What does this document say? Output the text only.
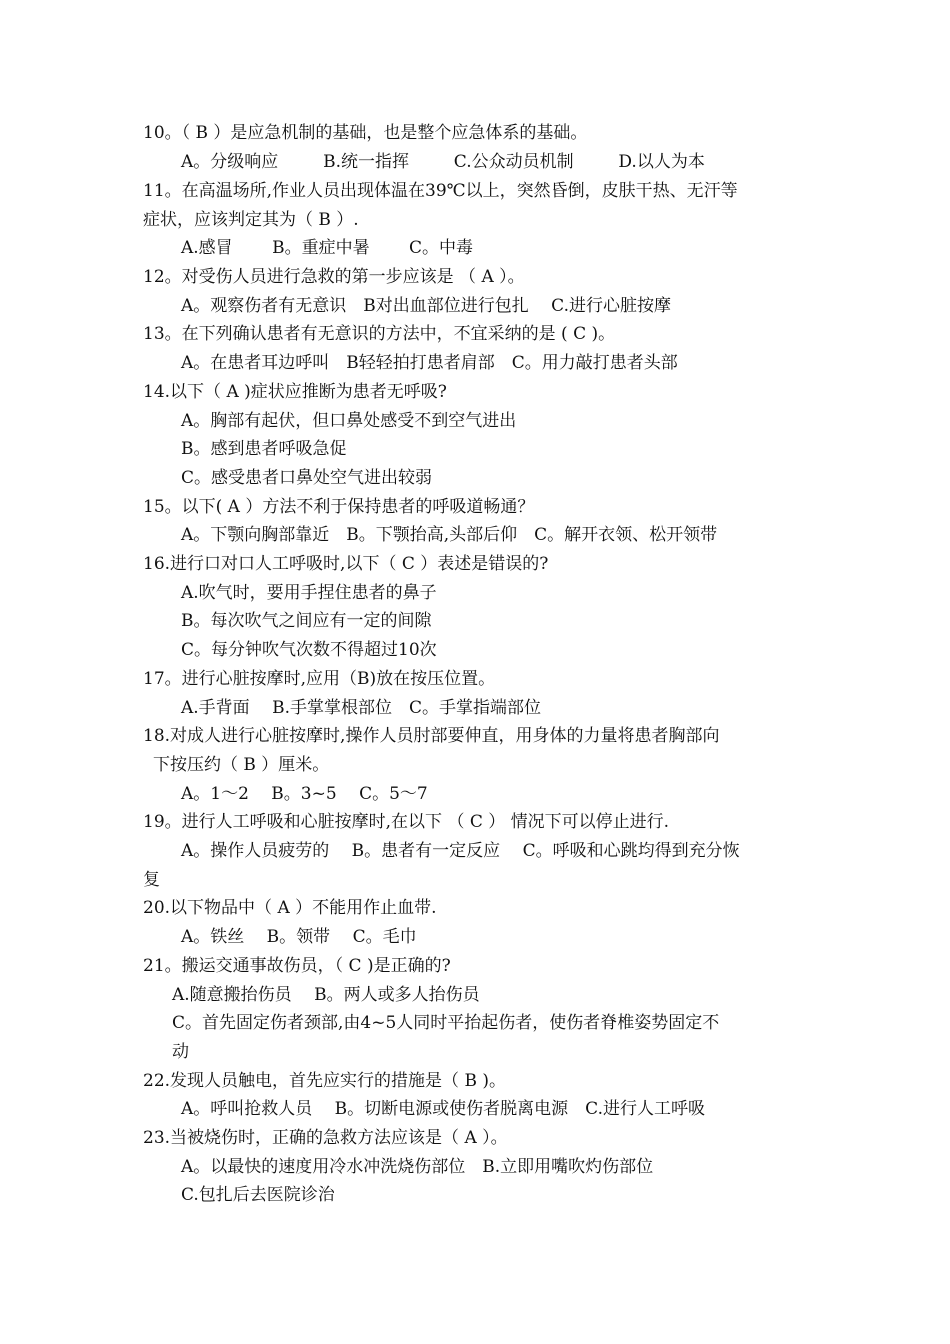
10。（ B ）是应急机制的基础，也是整个应急体系的基础。
A。分级响应　　  B.统一指挥　　  C.公众动员机制　　  D.以人为本
11。在高温场所,作业人员出现体温在39℃以上，突然昏倒，皮肤干热、无汗等
症状，应该判定其为（ B ）.
A.感冒　　 B。重症中暑　　 C。中毒
12。对受伤人员进行急救的第一步应该是 （ A ）。
A。观察伤者有无意识　B对出血部位进行包扎　 C.进行心脏按摩
13。在下列确认患者有无意识的方法中，不宜采纳的是 ( C )。
A。在患者耳边呼叫　B轻轻拍打患者肩部　C。用力敲打患者头部
14.以下（ A )症状应推断为患者无呼吸?
A。胸部有起伏，但口鼻处感受不到空气进出
B。感到患者呼吸急促
C。感受患者口鼻处空气进出较弱
15。以下( A ）方法不利于保持患者的呼吸道畅通？
A。下颚向胸部靠近　B。下颚抬高,头部后仰　C。解开衣领、松开领带
16.进行口对口人工呼吸时,以下（ C ）表述是错误的?
A.吹气时，要用手捏住患者的鼻子
B。每次吹气之间应有一定的间隙
C。每分钟吹气次数不得超过10次
17。进行心脏按摩时,应用（B)放在按压位置。
A.手背面　 B.手掌掌根部位　C。手掌指端部位
18.对成人进行心脏按摩时,操作人员肘部要伸直，用身体的力量将患者胸部向
下按压约（ B ）厘米。
A。1～2　 B。3~5　 C。5～7
19。进行人工呼吸和心脏按摩时,在以下 （ C ） 情况下可以停止进行.
A。操作人员疲劳的　 B。患者有一定反应　 C。呼吸和心跳均得到充分恢
复
20.以下物品中（ A ）不能用作止血带.
A。铁丝　 B。领带　 C。毛巾
21。搬运交通事故伤员，（ C )是正确的?
A.随意搬抬伤员　 B。两人或多人抬伤员
C。首先固定伤者颈部,由4~5人同时平抬起伤者，使伤者脊椎姿势固定不
动
22.发现人员触电，首先应实行的措施是（ B )。
A。呼叫抢救人员　 B。切断电源或使伤者脱离电源　C.进行人工呼吸
23.当被烧伤时，正确的急救方法应该是（ A ）。
A。以最快的速度用冷水冲洗烧伤部位　B.立即用嘴吹灼伤部位
C.包扎后去医院诊治
